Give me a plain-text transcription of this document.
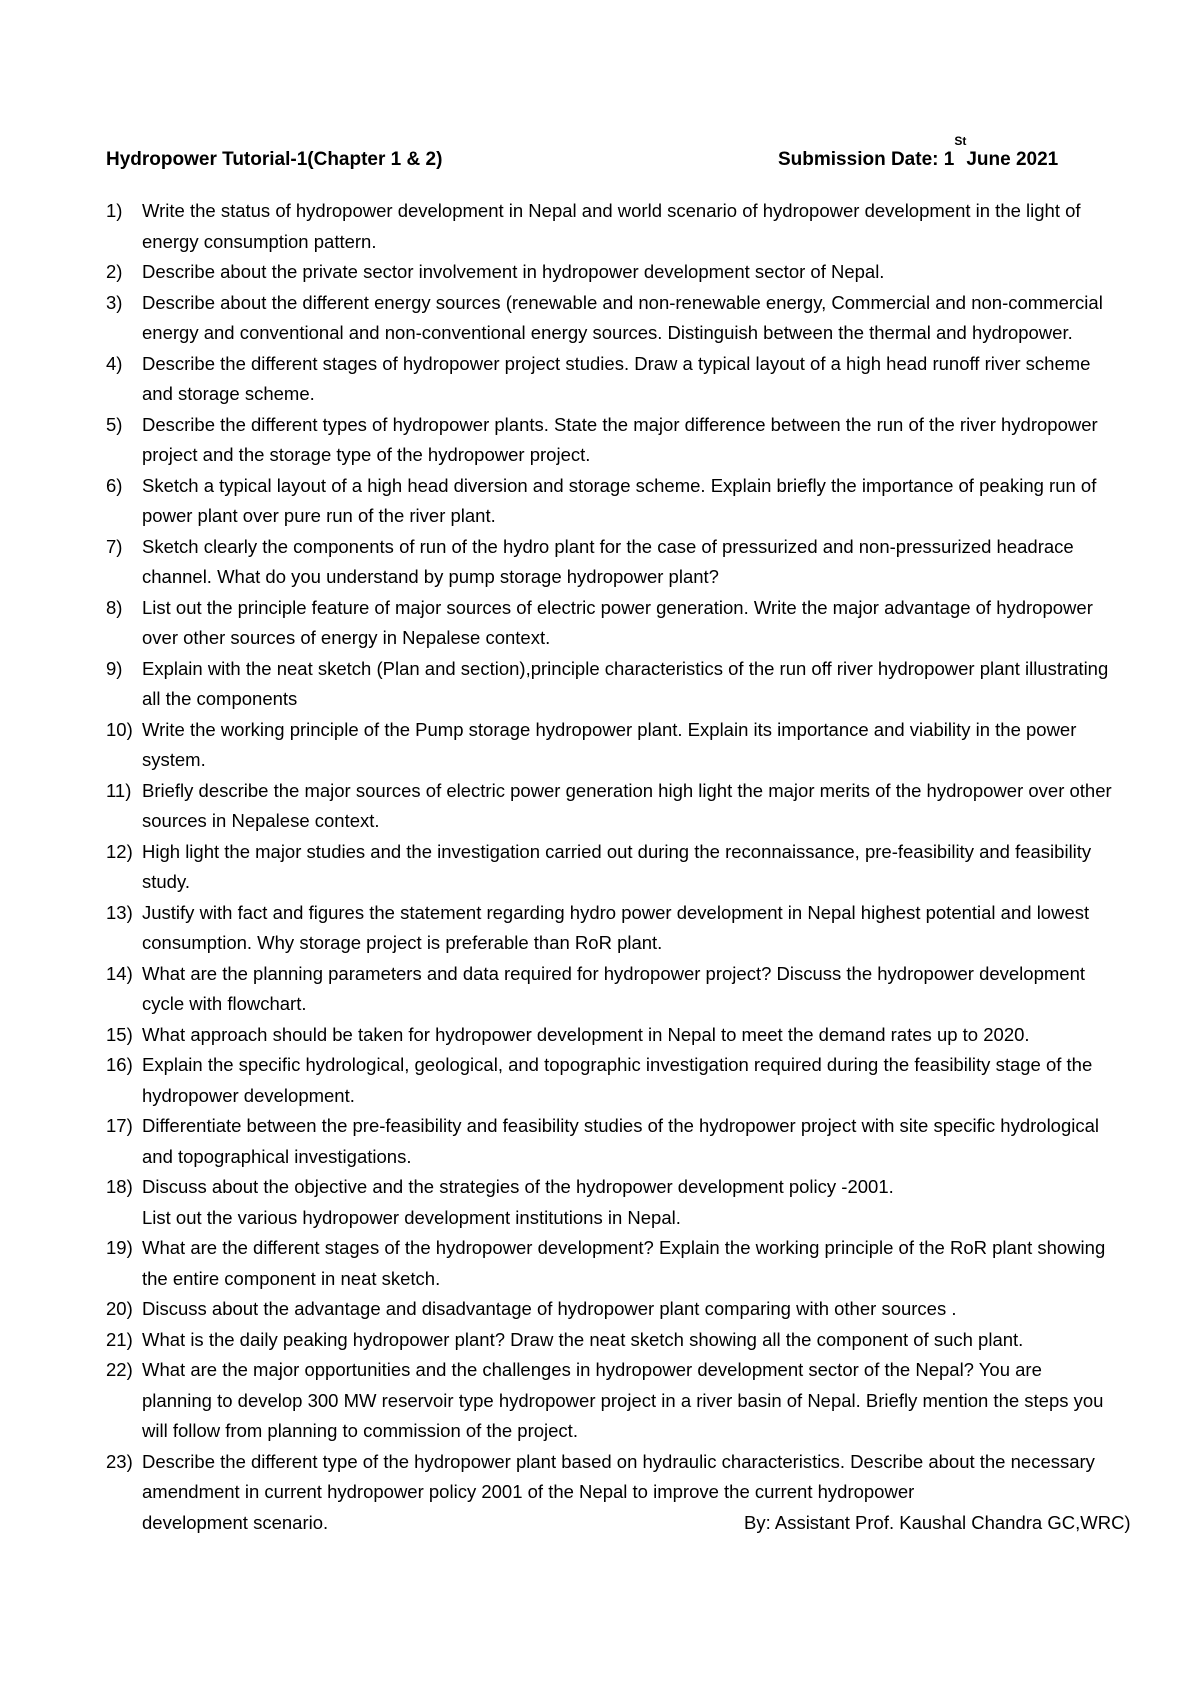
Hydropower Tutorial-1(Chapter 1 & 2)	Submission Date: 1StJune 2021
1)	Write the status of hydropower development in Nepal and world scenario of hydropower development in the light of energy consumption pattern.
2)	Describe about the private sector involvement in hydropower development sector of Nepal.
3)	Describe about the different energy sources (renewable and non-renewable energy, Commercial and non-commercial energy and conventional and non-conventional energy sources. Distinguish between the thermal and hydropower.
4)	Describe the different stages of hydropower project studies. Draw a typical layout of a high head runoff river scheme and storage scheme.
5)	Describe the different types of hydropower plants. State the major difference between the run of the river hydropower project and the storage type of the hydropower project.
6)	Sketch a typical layout of a high head diversion and storage scheme. Explain briefly the importance of peaking run of power plant over pure run of the river plant.
7)	Sketch clearly the components of run of the hydro plant for the case of pressurized and non-pressurized headrace channel. What do you understand by pump storage hydropower plant?
8)	List out the principle feature of major sources of electric power generation. Write the major advantage of hydropower over other sources of energy in Nepalese context.
9)	Explain with the neat sketch (Plan and section),principle characteristics of the run off river hydropower plant illustrating all the components
10) Write the working principle of the Pump storage hydropower plant. Explain its importance and viability in the power system.
11) Briefly describe the major sources of electric power generation high light the major merits of the hydropower over other sources in Nepalese context.
12) High light the major studies and the investigation carried out during the reconnaissance, pre-feasibility and feasibility study.
13) Justify with fact and figures the statement regarding hydro power development in Nepal highest potential and lowest consumption. Why storage project is preferable than RoR plant.
14) What are the planning parameters and data required for hydropower project? Discuss the hydropower development cycle with flowchart.
15) What approach should be taken for hydropower development in Nepal to meet the demand rates up to 2020.
16) Explain the specific hydrological, geological, and topographic investigation required during the feasibility stage of the hydropower development.
17) Differentiate between the pre-feasibility and feasibility studies of the hydropower project with site specific hydrological and topographical investigations.
18) Discuss about the objective and the strategies of the hydropower development policy -2001.
List out the various hydropower development institutions in Nepal.
19) What are the different stages of the hydropower development? Explain the working principle of the RoR plant showing the entire component in neat sketch.
20) Discuss about the advantage and disadvantage of hydropower plant comparing with other sources .
21) What is the daily peaking hydropower plant? Draw the neat sketch showing all the component of such plant.
22) What are the major opportunities and the challenges in hydropower development sector of the Nepal? You are planning to develop 300 MW reservoir type hydropower project in a river basin of Nepal. Briefly mention the steps you will follow from planning to commission of the project.
23) Describe the different type of the hydropower plant based on hydraulic characteristics. Describe about the necessary amendment in current hydropower policy 2001 of the Nepal to improve the current hydropower
development scenario.	By: Assistant Prof. Kaushal Chandra GC,WRC)
